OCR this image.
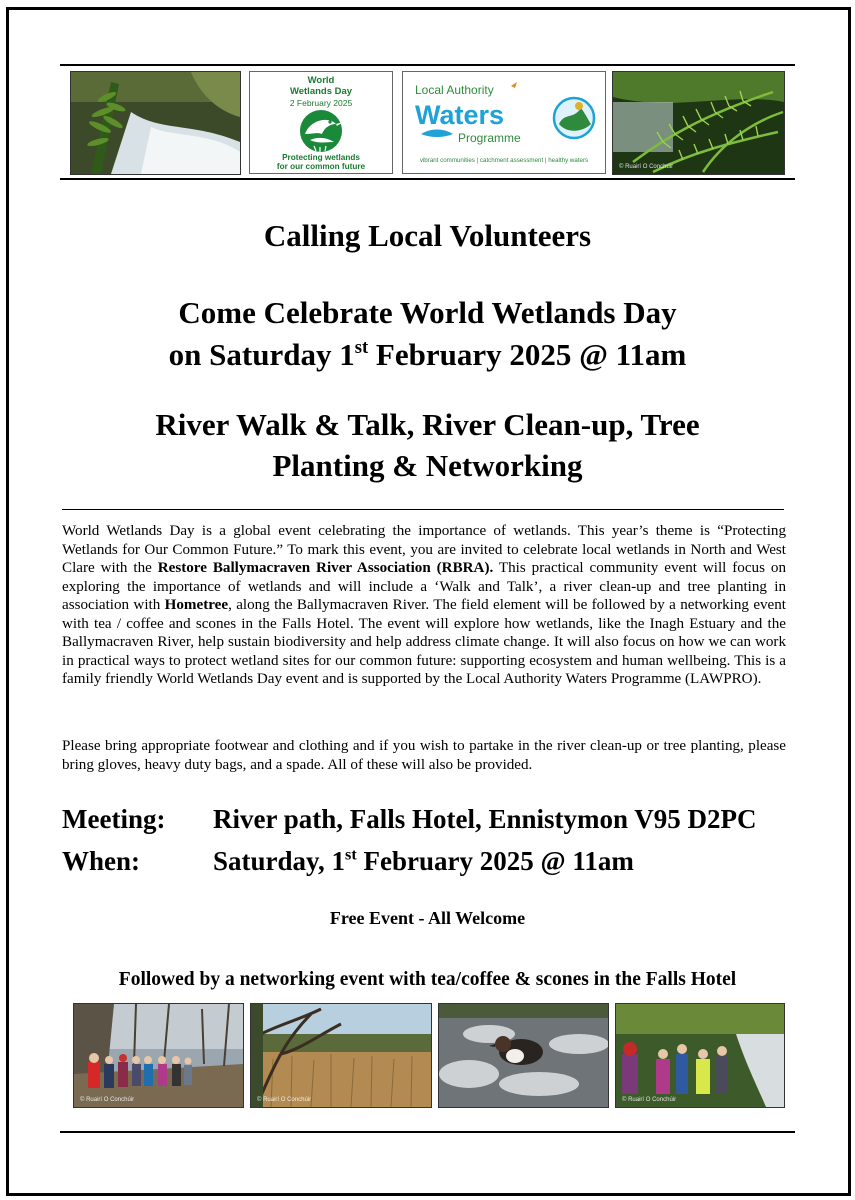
World
Wetlands Day
2 February 2025
Protecting wetlands
for our common future
Local Authority
Waters
Programme
vibrant communities | catchment assessment | healthy waters
© Ruairí Ó Conchúir
Calling Local Volunteers
Come Celebrate World Wetlands Day
on Saturday 1st February 2025 @ 11am
River Walk & Talk, River Clean-up, Tree
Planting & Networking
World Wetlands Day is a global event celebrating the importance of wetlands. This year’s theme is “Protecting Wetlands for Our Common Future.” To mark this event, you are invited to celebrate local wetlands in North and West Clare with the Restore Ballymacraven River Association (RBRA). This practical community event will focus on exploring the importance of wetlands and will include a ‘Walk and Talk’, a river clean-up and tree planting in association with Hometree, along the Ballymacraven River. The field element will be followed by a networking event with tea / coffee and scones in the Falls Hotel. The event will explore how wetlands, like the Inagh Estuary and the Ballymacraven River, help sustain biodiversity and help address climate change. It will also focus on how we can work in practical ways to protect wetland sites for our common future: supporting ecosystem and human wellbeing. This is a family friendly World Wetlands Day event and is supported by the Local Authority Waters Programme (LAWPRO).
Please bring appropriate footwear and clothing and if you wish to partake in the river clean-up or tree planting, please bring gloves, heavy duty bags, and a spade. All of these will also be provided.
Meeting: River path, Falls Hotel, Ennistymon V95 D2PC
When:	Saturday, 1st February 2025 @ 11am
Free Event - All Welcome
Followed by a networking event with tea/coffee & scones in the Falls Hotel
© Ruairí Ó Conchúir	© Ruairí Ó Conchúir	© Ruairí Ó Conchúir
